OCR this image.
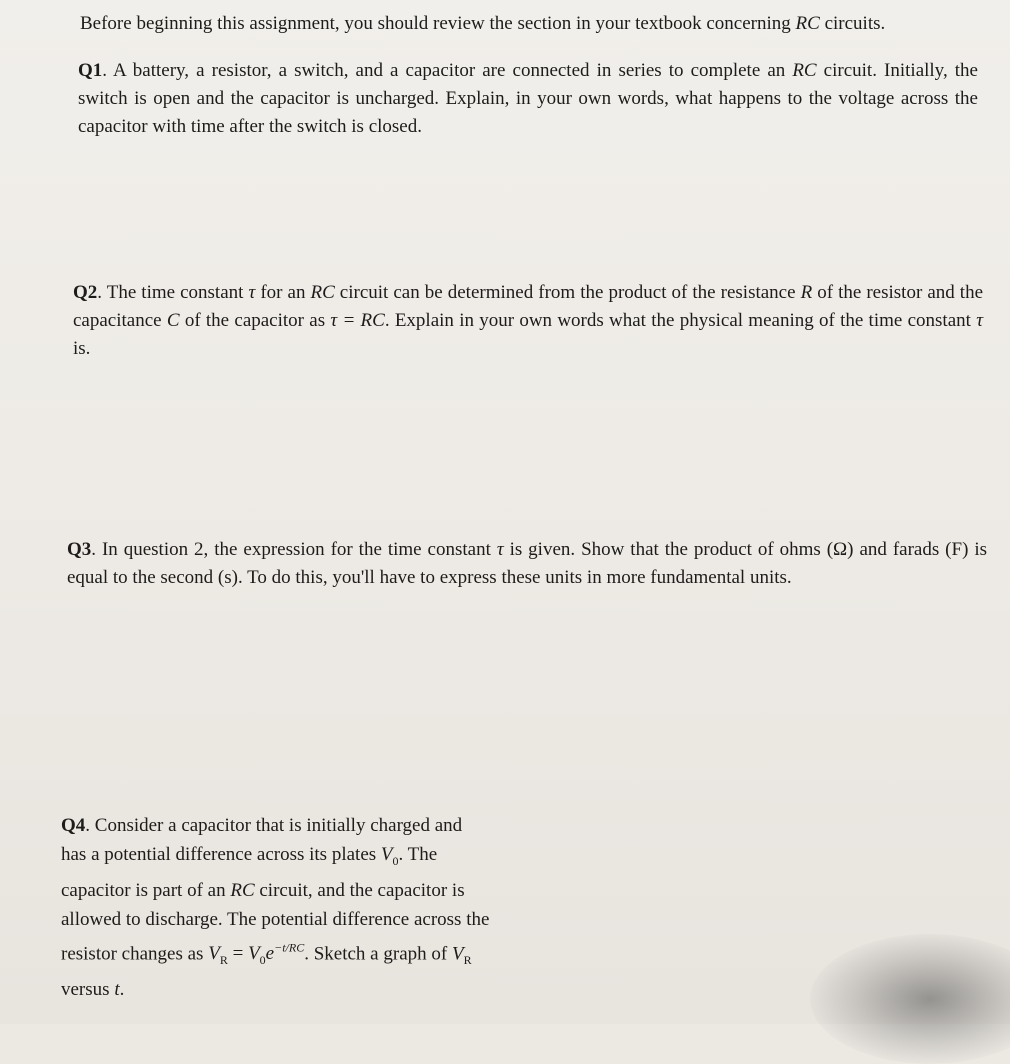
Before beginning this assignment, you should review the section in your textbook concerning RC circuits.
Q1. A battery, a resistor, a switch, and a capacitor are connected in series to complete an RC circuit. Initially, the switch is open and the capacitor is uncharged. Explain, in your own words, what happens to the voltage across the capacitor with time after the switch is closed.
Q2. The time constant τ for an RC circuit can be determined from the product of the resistance R of the resistor and the capacitance C of the capacitor as τ = RC. Explain in your own words what the physical meaning of the time constant τ is.
Q3. In question 2, the expression for the time constant τ is given. Show that the product of ohms (Ω) and farads (F) is equal to the second (s). To do this, you'll have to express these units in more fundamental units.
Q4. Consider a capacitor that is initially charged and has a potential difference across its plates $V_0$. The capacitor is part of an RC circuit, and the capacitor is allowed to discharge. The potential difference across the resistor changes as $V_R = V_0e^{-t/RC}$. Sketch a graph of $V_R$ versus t.
